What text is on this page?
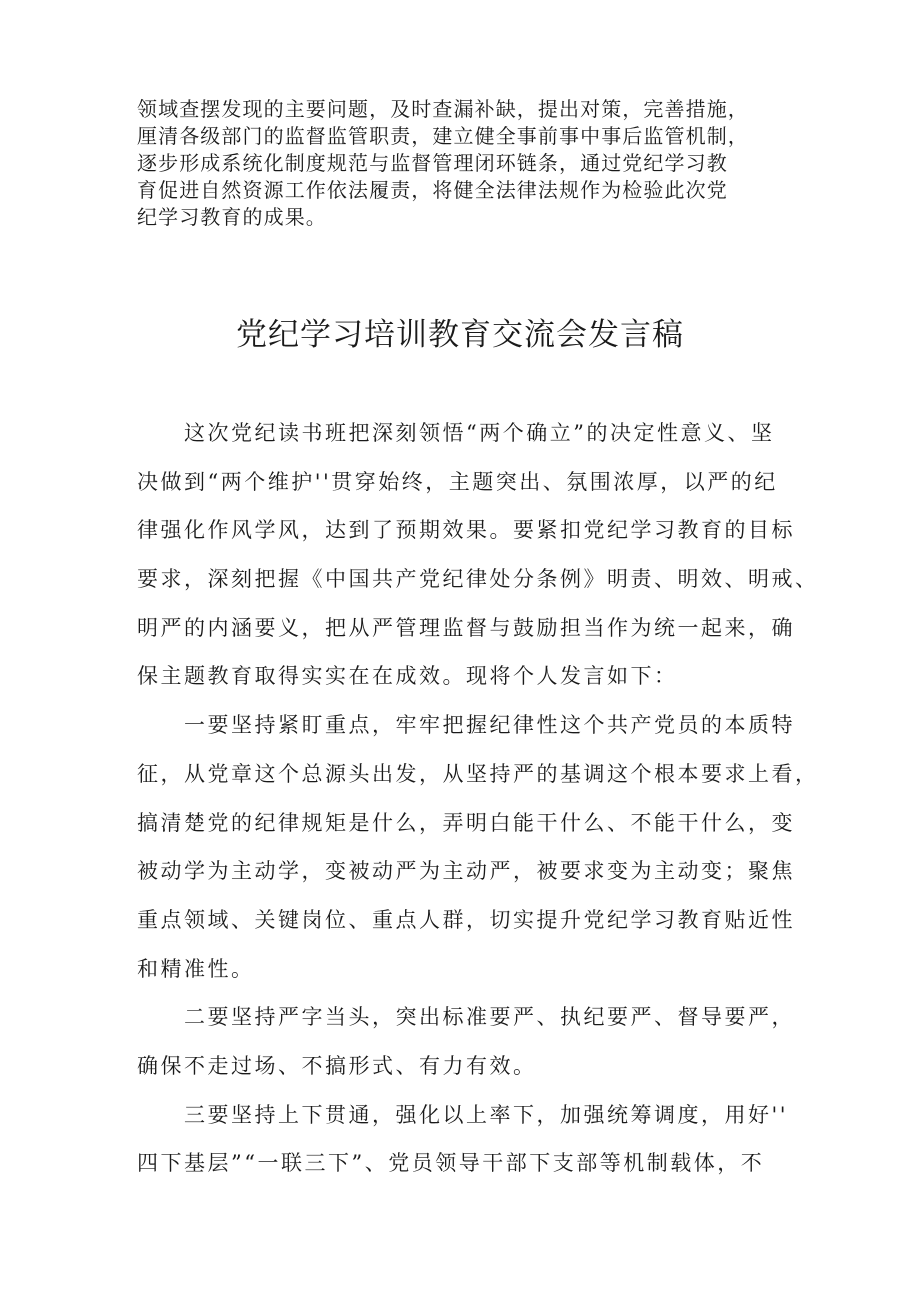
领域查摆发现的主要问题，及时查漏补缺，提出对策，完善措施，
厘清各级部门的监督监管职责，建立健全事前事中事后监管机制，
逐步形成系统化制度规范与监督管理闭环链条，通过党纪学习教
育促进自然资源工作依法履责，将健全法律法规作为检验此次党
纪学习教育的成果。
党纪学习培训教育交流会发言稿
这次党纪读书班把深刻领悟“两个确立”的决定性意义、坚
决做到“两个维护''贯穿始终，主题突出、氛围浓厚，以严的纪
律强化作风学风，达到了预期效果。要紧扣党纪学习教育的目标
要求，深刻把握《中国共产党纪律处分条例》明责、明效、明戒、
明严的内涵要义，把从严管理监督与鼓励担当作为统一起来，确
保主题教育取得实实在在成效。现将个人发言如下：
一要坚持紧盯重点，牢牢把握纪律性这个共产党员的本质特
征，从党章这个总源头出发，从坚持严的基调这个根本要求上看，
搞清楚党的纪律规矩是什么，弄明白能干什么、不能干什么，变
被动学为主动学，变被动严为主动严，被要求变为主动变；聚焦
重点领域、关键岗位、重点人群，切实提升党纪学习教育贴近性
和精准性。
二要坚持严字当头，突出标准要严、执纪要严、督导要严，
确保不走过场、不搞形式、有力有效。
三要坚持上下贯通，强化以上率下，加强统筹调度，用好''
四下基层”“一联三下”、党员领导干部下支部等机制载体，不
